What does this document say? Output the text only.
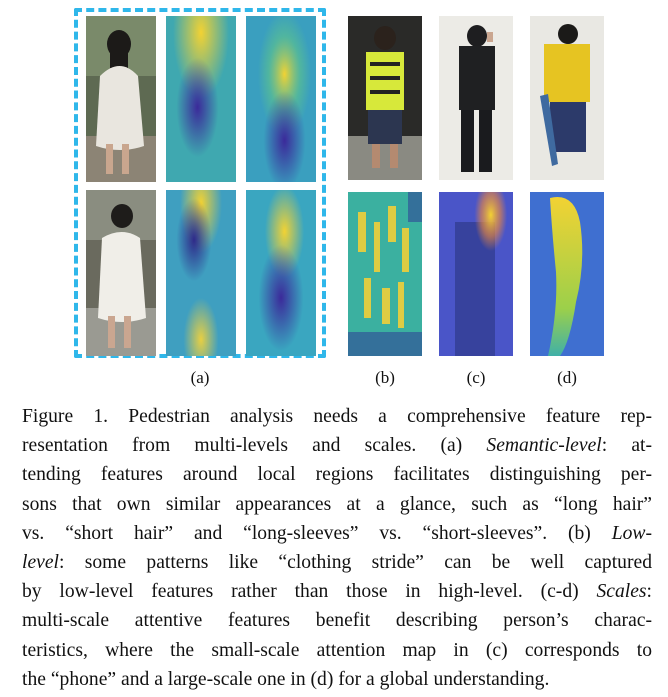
(a)	(b)	(c)	(d)
Figure 1. Pedestrian analysis needs a comprehensive feature rep-
resentation from multi-levels and scales. (a) Semantic-level: at-
tending features around local regions facilitates distinguishing per-
sons that own similar appearances at a glance, such as “long hair”
vs. “short hair” and “long-sleeves” vs. “short-sleeves”. (b) Low-
level: some patterns like “clothing stride” can be well captured
by low-level features rather than those in high-level. (c-d) Scales:
multi-scale attentive features benefit describing person’s charac-
teristics, where the small-scale attention map in (c) corresponds to
the “phone” and a large-scale one in (d) for a global understanding.
